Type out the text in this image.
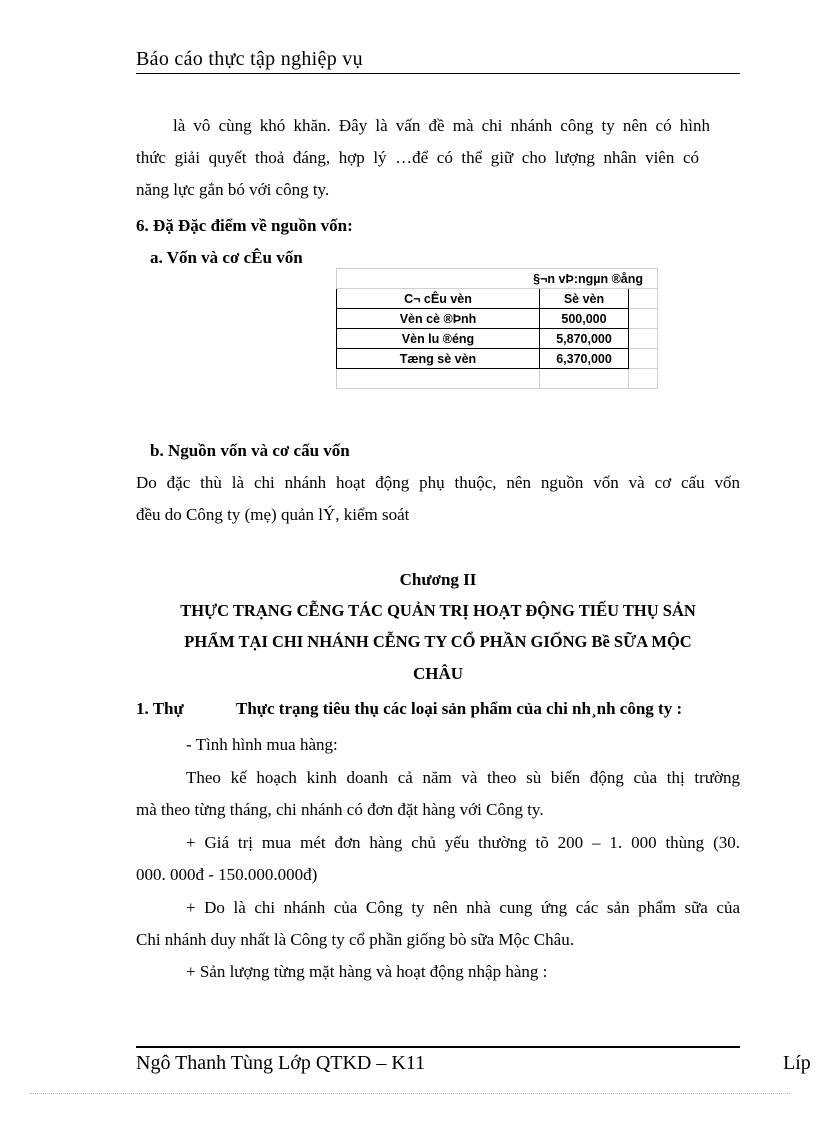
Báo cáo thực tập nghiệp vụ
là vô cùng khó khăn. Đây là vấn đề mà chi nhánh công ty nên có hình
thức giải quyết thoả đáng, hợp lý …để có thể giữ cho lượng nhân viên có
năng lực gắn bó với công ty.
6. Đặ Đặc điểm về nguồn vốn:
a. Vốn và cơ cÊu vốn
§¬n vÞ:ngµn ®ång		
C¬ cÊu vèn	Sè vèn	
Vèn cè ®Þnh	500,000	
Vèn lu ®éng	5,870,000	
Tæng sè vèn	6,370,000	

b. Nguồn vốn và cơ cấu vốn
Do đặc thù là chi nhánh hoạt động phụ thuộc, nên nguồn vốn và cơ cấu vốn
đều do Công ty (mẹ) quản lÝ, kiểm soát
Chương II
THỰC TRẠNG CỄNG TÁC QUẢN TRỊ HOẠT ĐỘNG TIẾU THỤ SẢN
PHẨM TẠI CHI NHÁNH CỄNG TY CỔ PHẦN GIỐNG Bề SỮA MỘC
CHÂU
1. Thự	Thực trạng tiêu thụ các loại sản phẩm của chi nh¸nh công ty :
- Tình hình mua hàng:
Theo kế hoạch kinh doanh cả năm và theo sù biến động của thị trường
mà theo từng tháng, chi nhánh có đơn đặt hàng với Công ty.
+ Giá trị mua mét đơn hàng chủ yếu thường tõ 200 – 1. 000 thùng (30.
000. 000đ - 150.000.000đ)
+ Do là chi nhánh của Công ty nên nhà cung ứng các sản phẩm sữa của
Chi nhánh duy nhất là Công ty cổ phần giống bò sữa Mộc Châu.
+ Sản lượng từng mặt hàng và hoạt động nhập hàng :
Ngô Thanh Tùng Lớp QTKD – K11	Líp
